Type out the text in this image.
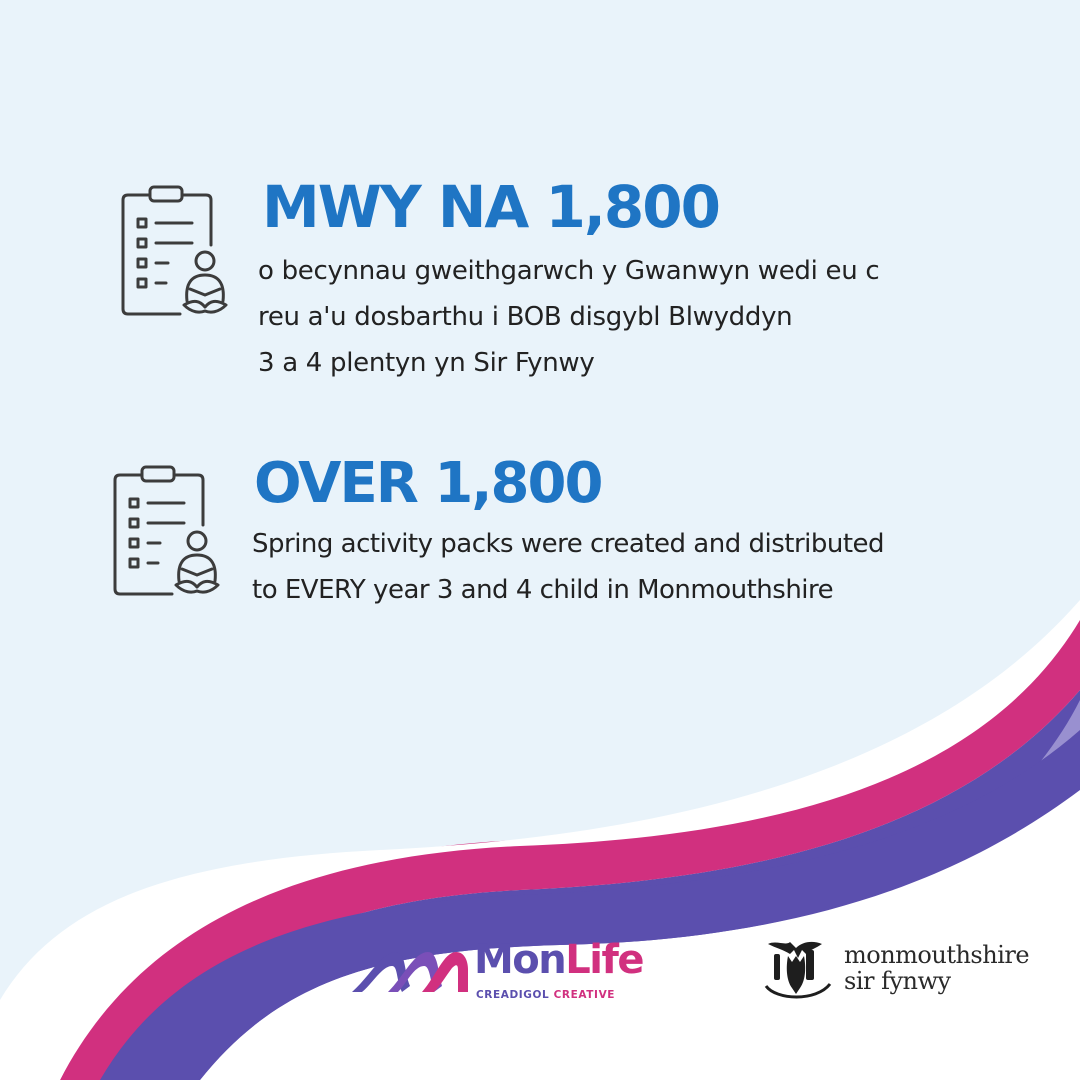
MWY NA 1,800
o becynnau gweithgarwch y Gwanwyn wedi eu c
reu a'u dosbarthu i BOB disgybl Blwyddyn
3 a 4 plentyn yn Sir Fynwy
OVER 1,800
Spring activity packs were created and distributed
to EVERY year 3 and 4 child in Monmouthshire
MonLife
CREADIGOL CREATIVE
monmouthshire
sir fynwy
